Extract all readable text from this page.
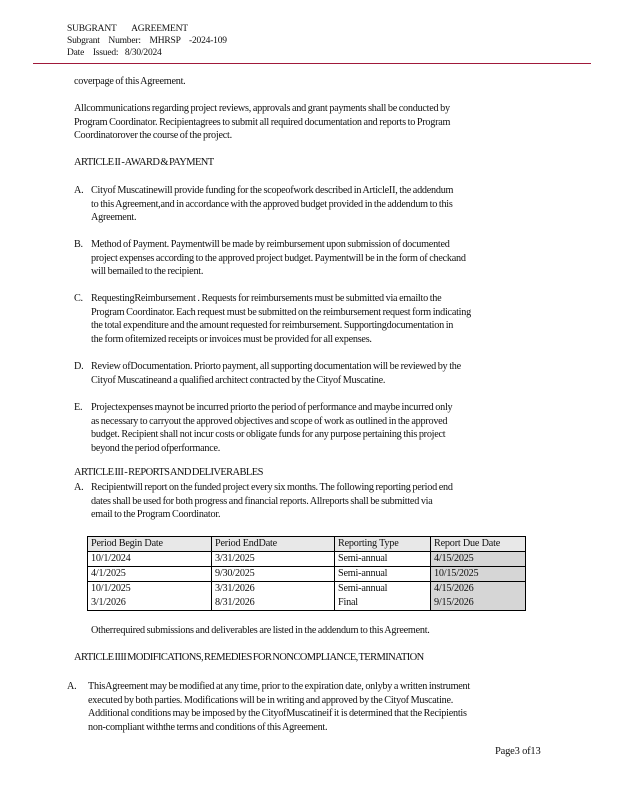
SUBGRANT       AGREEMENT
Subgrant    Number:    MHRSP    -2024-109
Date    Issued:   8/30/2024
coverpage of this Agreement.
Allcommunications regarding project reviews, approvals and grant payments shall be conducted by
Program Coordinator. Recipientagrees to submit all required documentation and reports to Program
Coordinatorover the course of the project.
ARTICLE II - AWARD & PAYMENT
A. Cityof Muscatinewill provide funding for the scopeofwork described in ArticleII, the addendum
to this Agreement,and in accordance with the approved budget provided in the addendum to this
Agreement.
B. Method of Payment. Paymentwill be made by reimbursement upon submission of documented
project expenses according to the approved project budget. Paymentwill be in the form of checkand
will bemailed to the recipient.
C. RequestingReimbursement . Requests for reimbursements must be submitted via emailto the
Program Coordinator. Each request must be submitted on the reimbursement request form indicating
the total expenditure and the amount requested for reimbursement. Supportingdocumentation in
the form ofitemized receipts or invoices must be provided for all expenses.
D. Review ofDocumentation. Priorto payment, all supporting documentation will be reviewed by the
Cityof Muscatineand a qualified architect contracted by the Cityof Muscatine.
E. Projectexpenses maynot be incurred priorto the period of performance and maybe incurred only
as necessary to carryout the approved objectives and scope of work as outlined in the approved
budget. Recipient shall not incur costs or obligate funds for any purpose pertaining this project
beyond the period ofperformance.
ARTICLE III - REPORTS AND DELIVERABLES
A. Recipientwill report on the funded project every six months. The following reporting period end
dates shall be used for both progress and financial reports. Allreports shall be submitted via
email to the Program Coordinator.
Period Begin Date	Period EndDate	Reporting Type	Report Due Date
10/1/2024	3/31/2025	Semi-annual	4/15/2025
4/1/2025	9/30/2025	Semi-annual	10/15/2025
10/1/2025	3/31/2026	Semi-annual	4/15/2026
3/1/2026	8/31/2026	Final	9/15/2026
Otherrequired submissions and deliverables are listed in the addendum to this Agreement.
ARTICLE IIII MODIFICATIONS, REMEDIES FOR NONCOMPLIANCE, TERMINATION
A. ThisAgreement may be modified at any time, prior to the expiration date, onlyby a written instrument
executed by both parties. Modifications will be in writing and approved by the Cityof Muscatine.
Additional conditions may be imposed by the CityofMuscatineif it is determined that the Recipientis
non-compliant withthe terms and conditions of this Agreement.
Page3 of13
